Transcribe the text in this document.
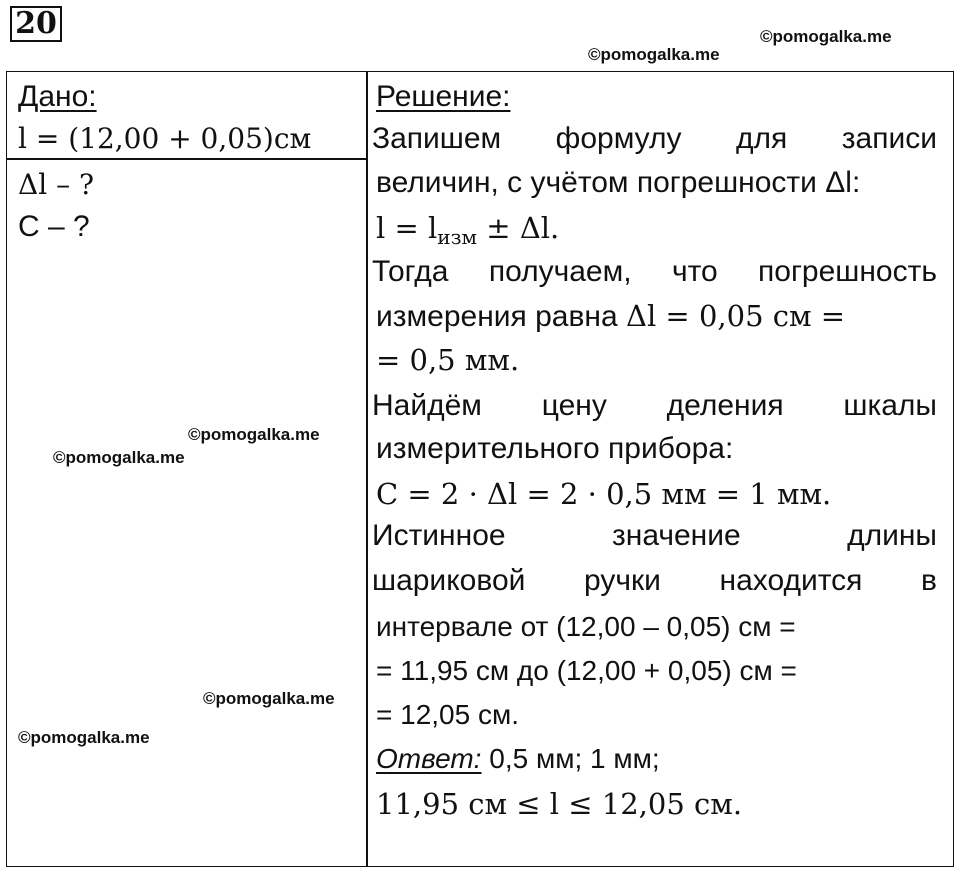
20	©pomogalka.me
©pomogalka.me
©pomogalka.me
©pomogalka.me
©pomogalka.me
©pomogalka.me
Дано:
l = (12,00 + 0,05)см
Δl – ?
C – ?
Решение:
Запишем формулу для записи
величин, с учётом погрешности Δl:
$l = l_{изм} \pm \Delta l$.
Тогда получаем, что погрешность
измерения равна Δl = 0,05 см =
= 0,5 мм.
Найдём цену деления шкалы
измерительного прибора:
C = 2 · Δl = 2 · 0,5 мм = 1 мм.
Истинное	значение	длины
шариковой ручки находится в
интервале от (12,00 – 0,05) см =
= 11,95 см до (12,00 + 0,05) см =
= 12,05 см.
Ответ: 0,5 мм; 1 мм;
11,95 см ≤ l ≤ 12,05 см.
